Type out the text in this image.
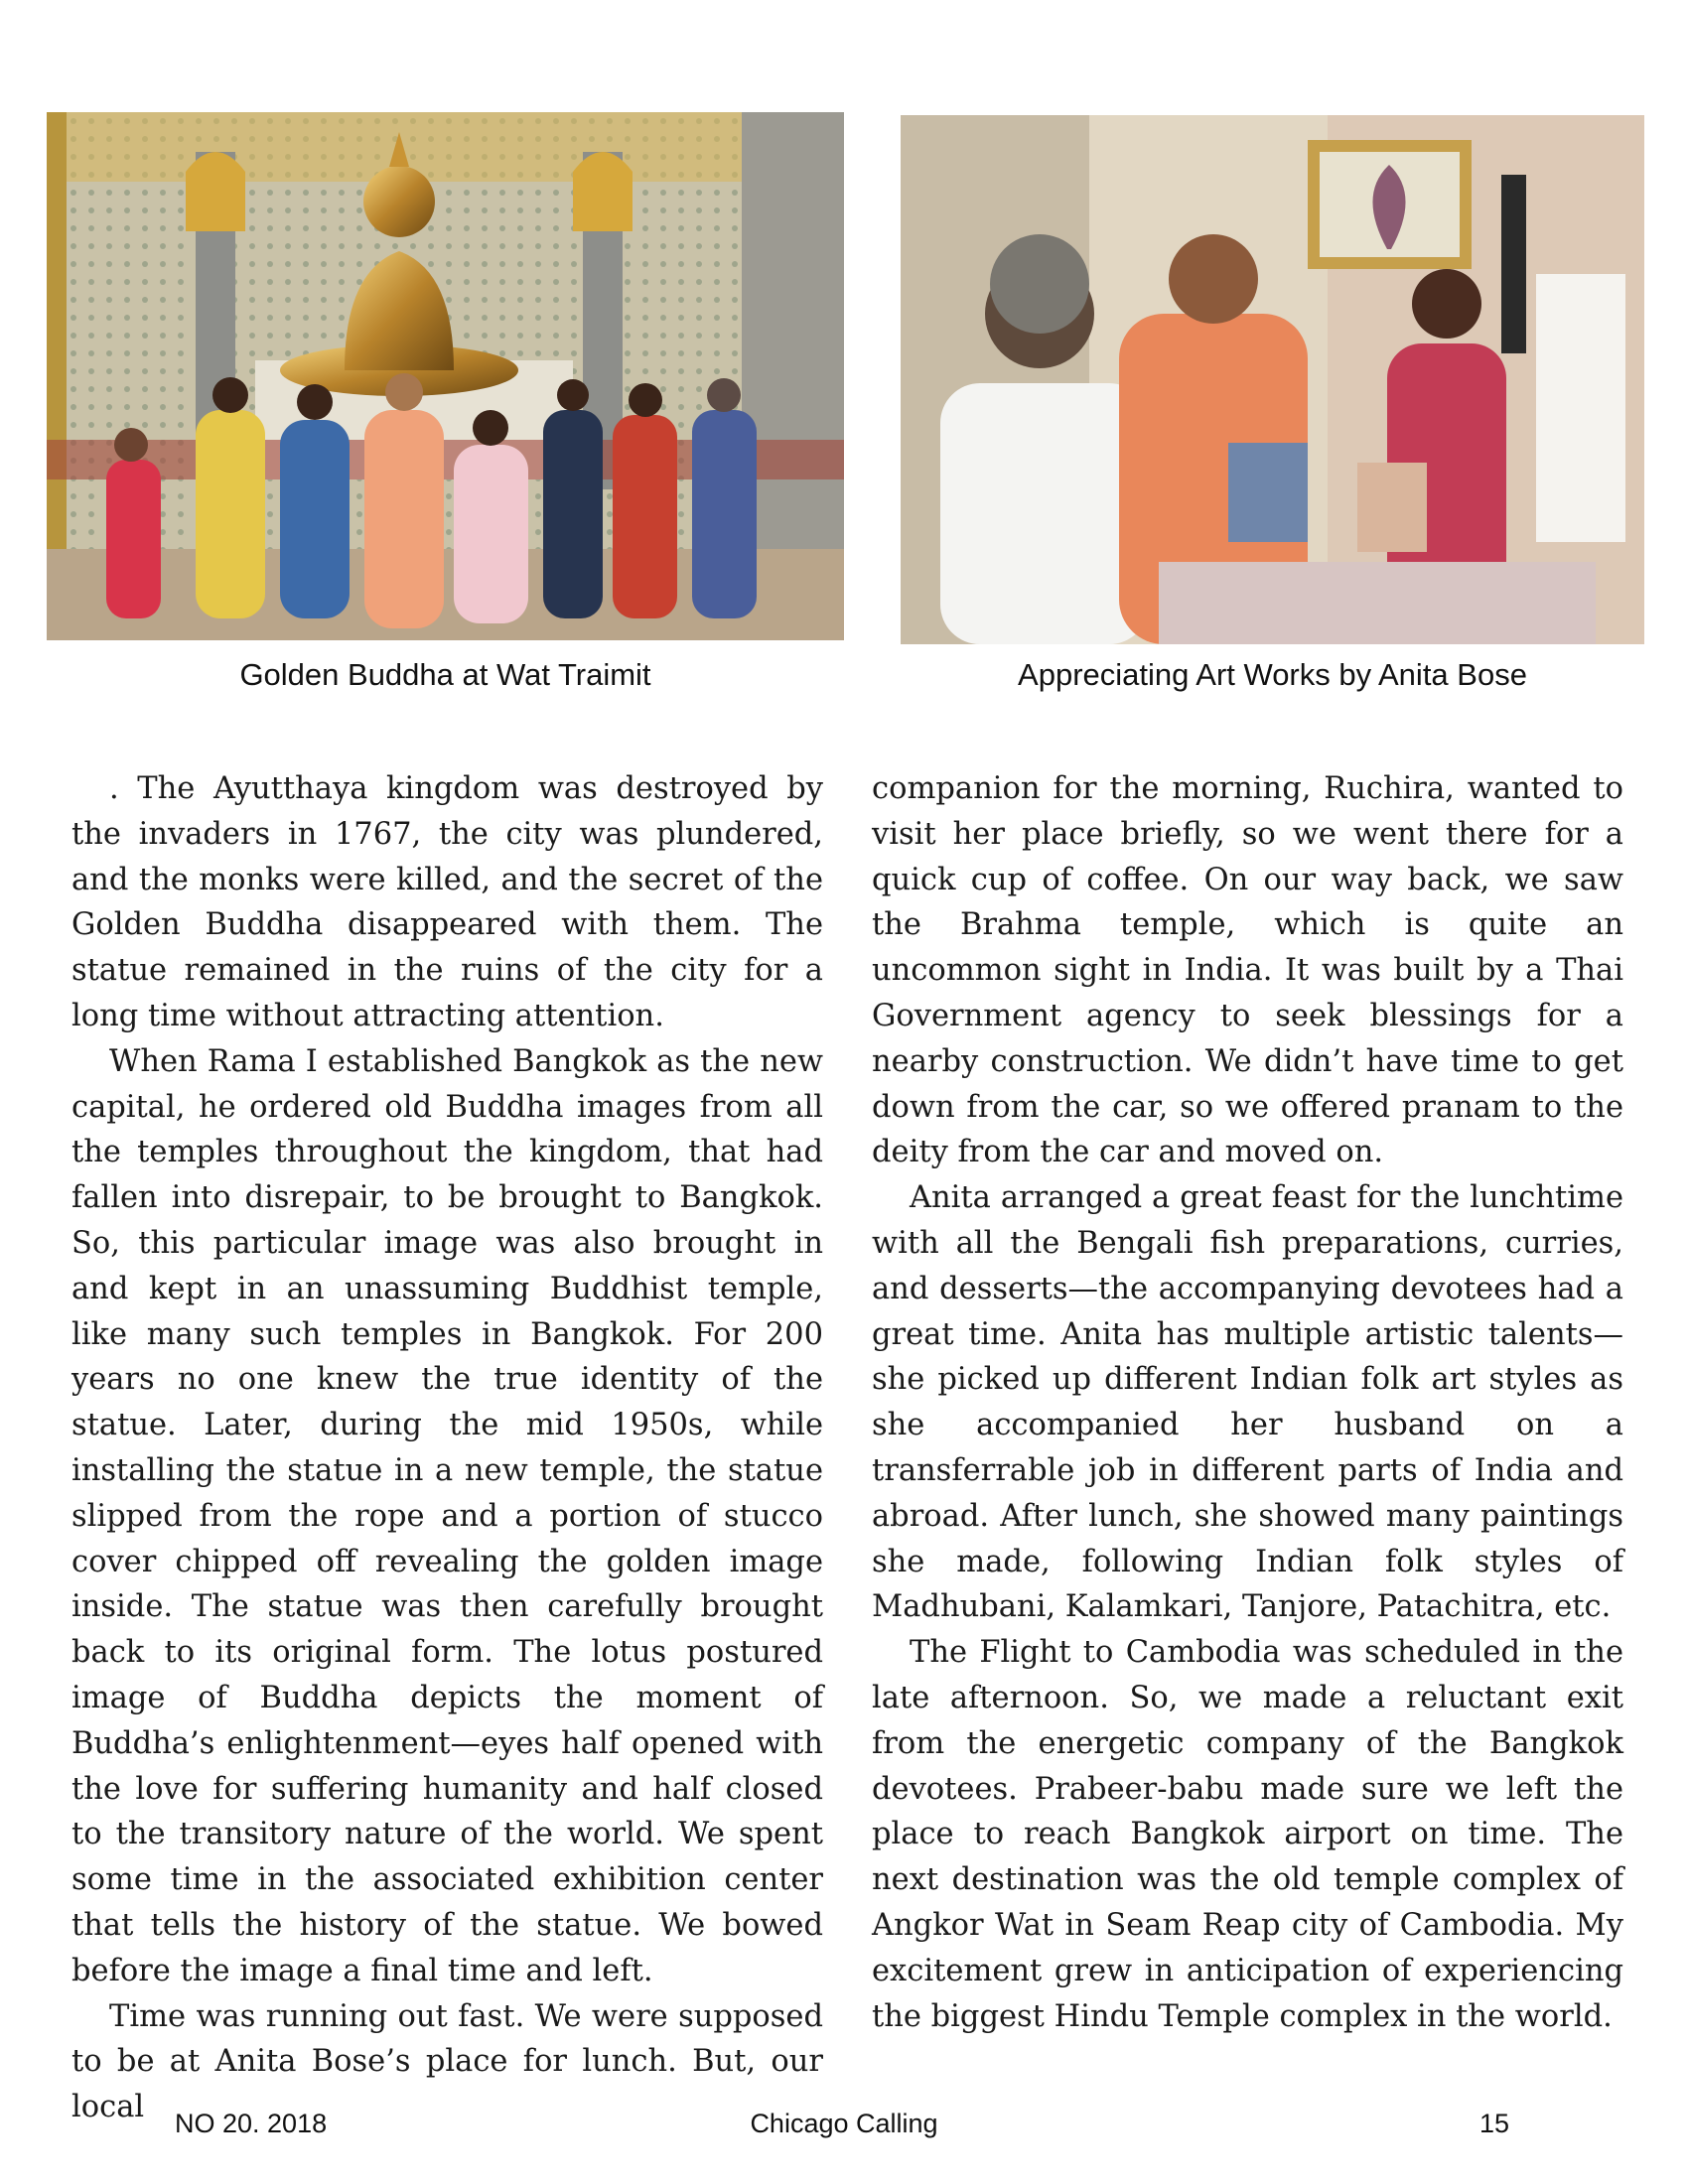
Golden Buddha at Wat Traimit	Appreciating Art Works by Anita Bose

. The Ayutthaya kingdom was destroyed by the invaders in 1767, the city was plundered, and the monks were killed, and the secret of the Golden Buddha disappeared with them. The statue remained in the ruins of the city for a long time without attracting attention.

When Rama I established Bangkok as the new capital, he ordered old Buddha images from all the temples throughout the kingdom, that had fallen into disrepair, to be brought to Bangkok. So, this particular image was also brought in and kept in an unassuming Buddhist temple, like many such temples in Bangkok. For 200 years no one knew the true identity of the statue. Later, during the mid 1950s, while installing the statue in a new temple, the statue slipped from the rope and a portion of stucco cover chipped off revealing the golden image inside. The statue was then carefully brought back to its original form. The lotus postured image of Buddha depicts the moment of Buddha’s enlightenment—eyes half opened with the love for suffering humanity and half closed to the transitory nature of the world. We spent some time in the associated exhibition center that tells the history of the statue. We bowed before the image a final time and left.

Time was running out fast. We were supposed to be at Anita Bose’s place for lunch. But, our local

companion for the morning, Ruchira, wanted to visit her place briefly, so we went there for a quick cup of coffee. On our way back, we saw the Brahma temple, which is quite an uncommon sight in India. It was built by a Thai Government agency to seek blessings for a nearby construction. We didn’t have time to get down from the car, so we offered pranam to the deity from the car and moved on.

Anita arranged a great feast for the lunchtime with all the Bengali fish preparations, curries, and desserts—the accompanying devotees had a great time. Anita has multiple artistic talents—she picked up different Indian folk art styles as she accompanied her husband on a transferrable job in different parts of India and abroad. After lunch, she showed many paintings she made, following Indian folk styles of Madhubani, Kalamkari, Tanjore, Patachitra, etc.

The Flight to Cambodia was scheduled in the late afternoon. So, we made a reluctant exit from the energetic company of the Bangkok devotees. Prabeer-babu made sure we left the place to reach Bangkok airport on time. The next destination was the old temple complex of Angkor Wat in Seam Reap city of Cambodia. My excitement grew in anticipation of experiencing the biggest Hindu Temple complex in the world.

NO 20. 2018	Chicago Calling	15
